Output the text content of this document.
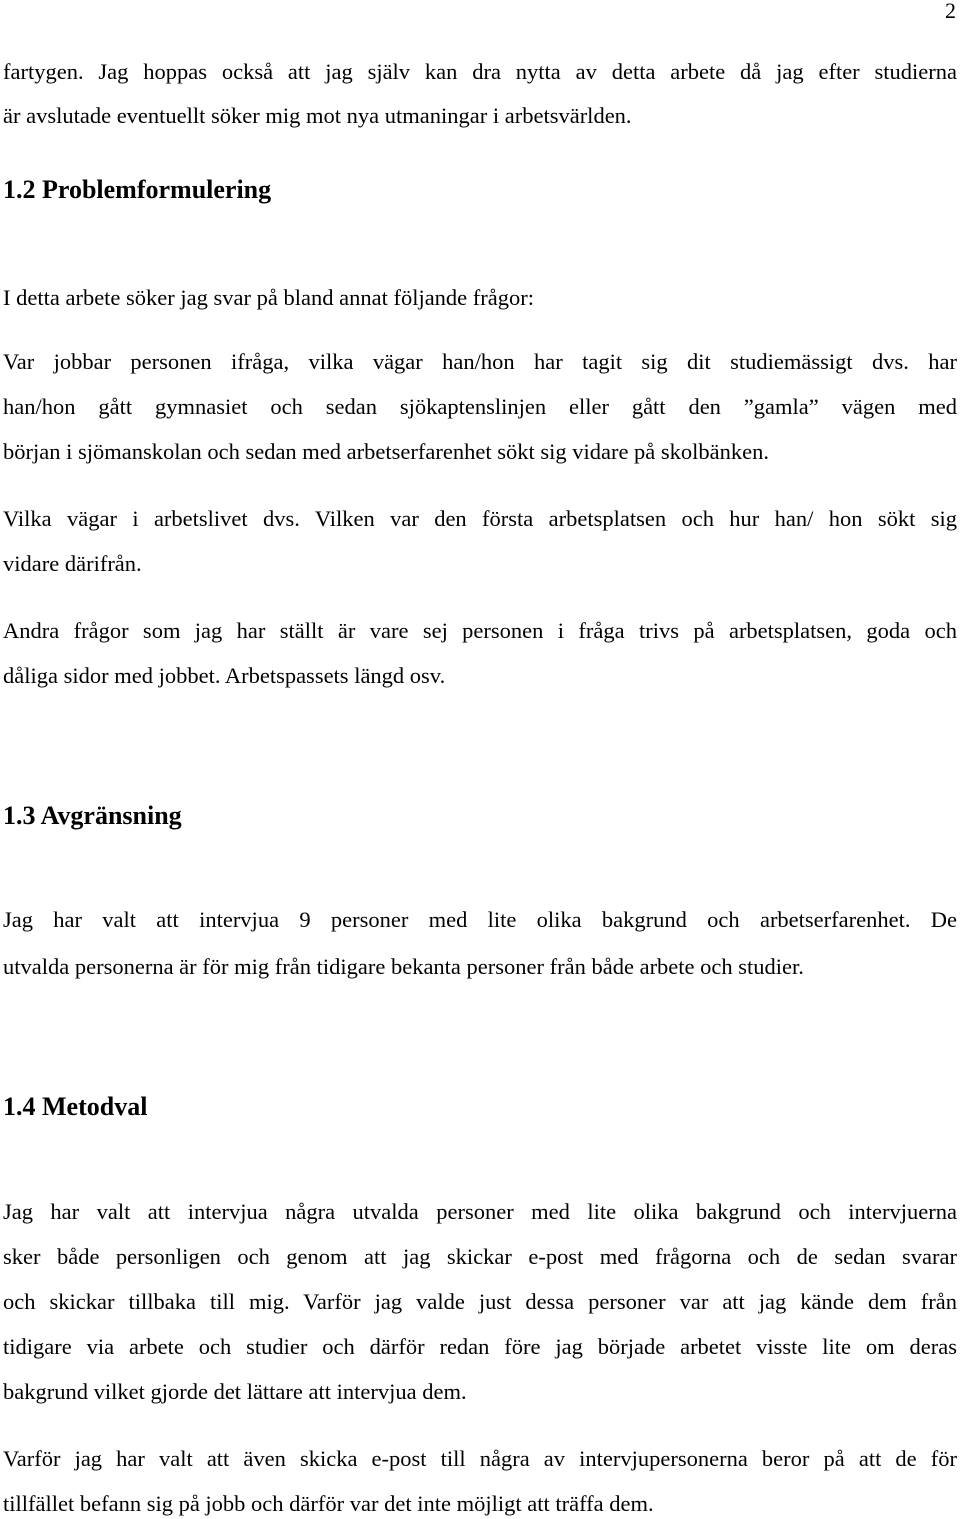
2
fartygen. Jag hoppas också att jag själv kan dra nytta av detta arbete då jag efter studierna
är avslutade eventuellt söker mig mot nya utmaningar i arbetsvärlden.
1.2 Problemformulering
I detta arbete söker jag svar på bland annat följande frågor:
Var jobbar personen ifråga, vilka vägar han/hon har tagit sig dit studiemässigt dvs. har
han/hon gått gymnasiet och sedan sjökaptenslinjen eller gått den ”gamla” vägen med
början i sjömanskolan och sedan med arbetserfarenhet sökt sig vidare på skolbänken.
Vilka vägar i arbetslivet dvs. Vilken var den första arbetsplatsen och hur han/ hon sökt sig
vidare därifrån.
Andra frågor som jag har ställt är vare sej personen i fråga trivs på arbetsplatsen, goda och
dåliga sidor med jobbet. Arbetspassets längd osv.
1.3 Avgränsning
Jag har valt att intervjua 9 personer med lite olika bakgrund och arbetserfarenhet. De
utvalda personerna är för mig från tidigare bekanta personer från både arbete och studier.
1.4 Metodval
Jag har valt att intervjua några utvalda personer med lite olika bakgrund och intervjuerna
sker både personligen och genom att jag skickar e-post med frågorna och de sedan svarar
och skickar tillbaka till mig. Varför jag valde just dessa personer var att jag kände dem från
tidigare via arbete och studier och därför redan före jag började arbetet visste lite om deras
bakgrund vilket gjorde det lättare att intervjua dem.
Varför jag har valt att även skicka e-post till några av intervjupersonerna beror på att de för
tillfället befann sig på jobb och därför var det inte möjligt att träffa dem.
